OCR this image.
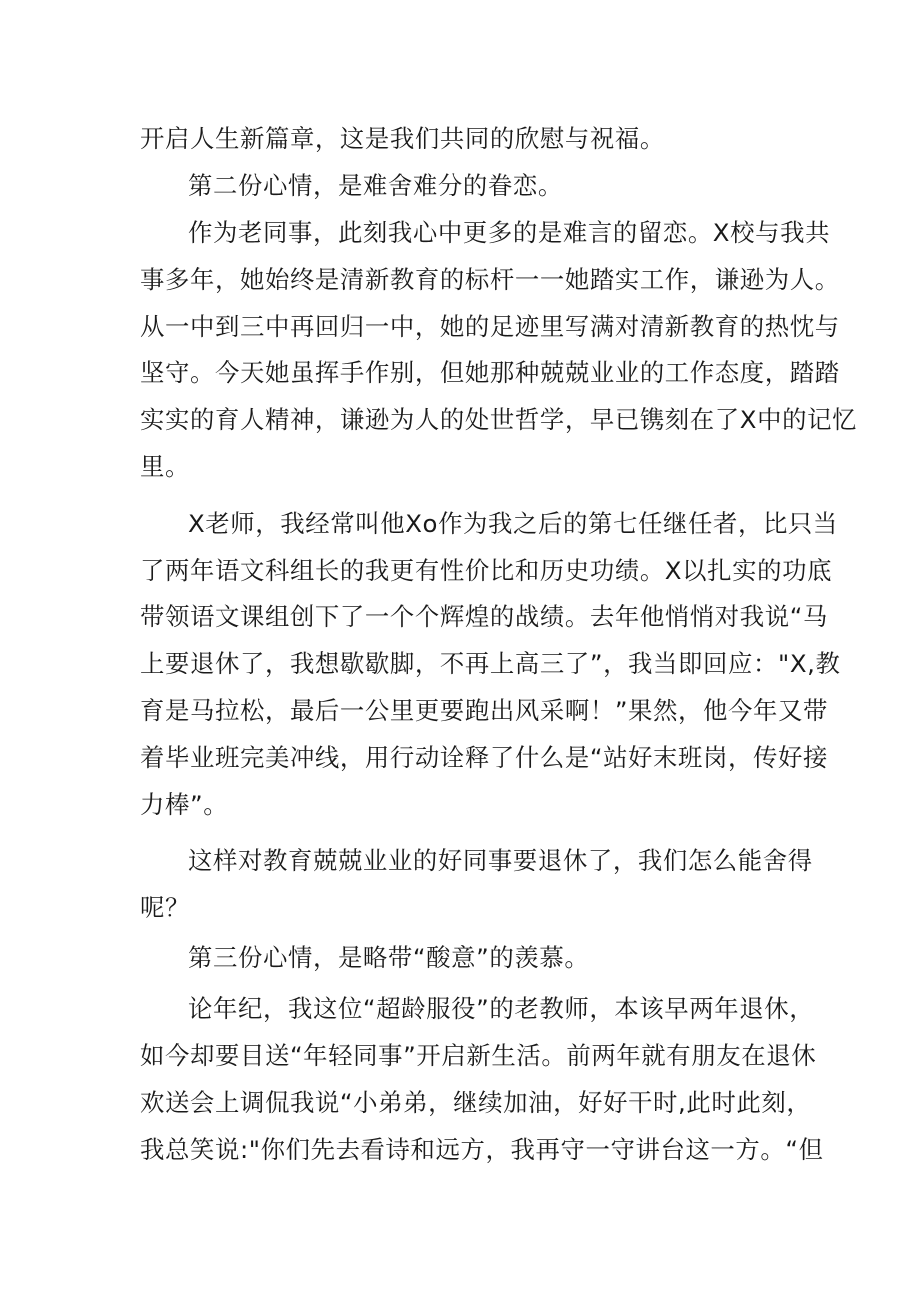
开启人生新篇章，这是我们共同的欣慰与祝福。
第二份心情，是难舍难分的眷恋。
作为老同事，此刻我心中更多的是难言的留恋。X校与我共
事多年，她始终是清新教育的标杆一一她踏实工作，谦逊为人。
从一中到三中再回归一中，她的足迹里写满对清新教育的热忱与
坚守。今天她虽挥手作别，但她那种兢兢业业的工作态度，踏踏
实实的育人精神，谦逊为人的处世哲学，早已镌刻在了X中的记忆
里。
X老师，我经常叫他Xo作为我之后的第七任继任者，比只当
了两年语文科组长的我更有性价比和历史功绩。X以扎实的功底
带领语文课组创下了一个个辉煌的战绩。去年他悄悄对我说“马
上要退休了，我想歇歇脚，不再上高三了”，我当即回应："X,教
育是马拉松，最后一公里更要跑出风采啊！”果然，他今年又带
着毕业班完美冲线，用行动诠释了什么是“站好末班岗，传好接
力棒”。
这样对教育兢兢业业的好同事要退休了，我们怎么能舍得
呢？
第三份心情，是略带“酸意”的羡慕。
论年纪，我这位“超龄服役”的老教师，本该早两年退休，
如今却要目送“年轻同事”开启新生活。前两年就有朋友在退休
欢送会上调侃我说“小弟弟，继续加油，好好干时,此时此刻，
我总笑说:"你们先去看诗和远方，我再守一守讲台这一方。“但
